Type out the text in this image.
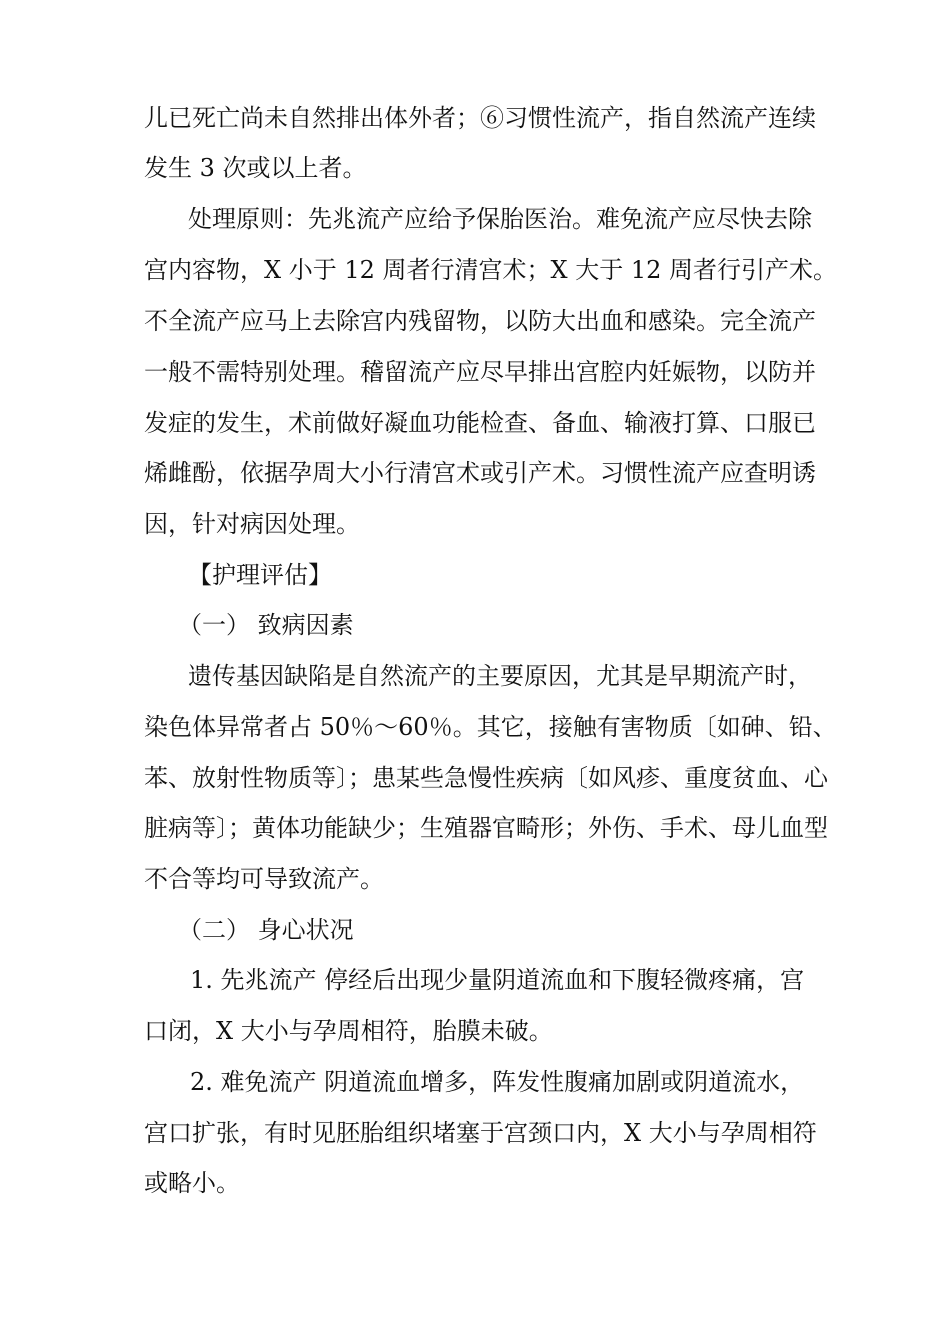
儿已死亡尚未自然排出体外者；⑥习惯性流产，指自然流产连续
发生 3 次或以上者。
处理原则：先兆流产应给予保胎医治。难免流产应尽快去除
宫内容物，X 小于 12 周者行清宫术；X 大于 12 周者行引产术。
不全流产应马上去除宫内残留物，以防大出血和感染。完全流产
一般不需特别处理。稽留流产应尽早排出宫腔内妊娠物，以防并
发症的发生，术前做好凝血功能检查、备血、输液打算、口服已
烯雌酚，依据孕周大小行清宫术或引产术。习惯性流产应查明诱
因，针对病因处理。
【护理评估】
（一） 致病因素
遗传基因缺陷是自然流产的主要原因，尤其是早期流产时，
染色体异常者占 50％～60％。其它，接触有害物质〔如砷、铅、
苯、放射性物质等〕；患某些急慢性疾病〔如风疹、重度贫血、心
脏病等〕；黄体功能缺少；生殖器官畸形；外伤、手术、母儿血型
不合等均可导致流产。
（二） 身心状况
1. 先兆流产 停经后出现少量阴道流血和下腹轻微疼痛，宫
口闭，X 大小与孕周相符，胎膜未破。
2. 难免流产 阴道流血增多，阵发性腹痛加剧或阴道流水，
宫口扩张，有时见胚胎组织堵塞于宫颈口内，X 大小与孕周相符
或略小。
